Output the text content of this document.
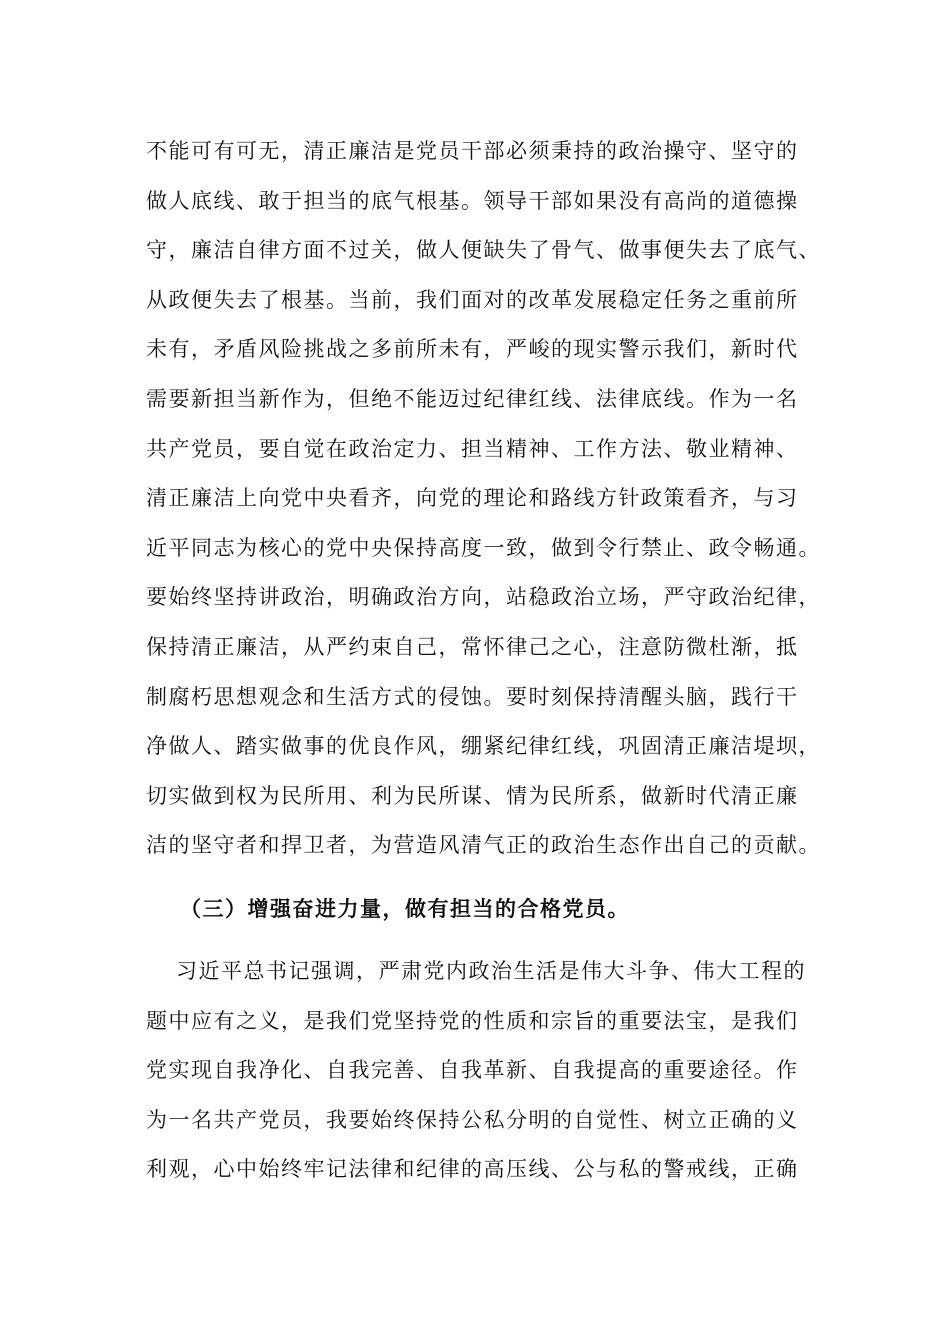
不能可有可无，清正廉洁是党员干部必须秉持的政治操守、坚守的
做人底线、敢于担当的底气根基。领导干部如果没有高尚的道德操
守，廉洁自律方面不过关，做人便缺失了骨气、做事便失去了底气、
从政便失去了根基。当前，我们面对的改革发展稳定任务之重前所
未有，矛盾风险挑战之多前所未有，严峻的现实警示我们，新时代
需要新担当新作为，但绝不能迈过纪律红线、法律底线。作为一名
共产党员，要自觉在政治定力、担当精神、工作方法、敬业精神、
清正廉洁上向党中央看齐，向党的理论和路线方针政策看齐，与习
近平同志为核心的党中央保持高度一致，做到令行禁止、政令畅通。
要始终坚持讲政治，明确政治方向，站稳政治立场，严守政治纪律，
保持清正廉洁，从严约束自己，常怀律己之心，注意防微杜渐，抵
制腐朽思想观念和生活方式的侵蚀。要时刻保持清醒头脑，践行干
净做人、踏实做事的优良作风，绷紧纪律红线，巩固清正廉洁堤坝，
切实做到权为民所用、利为民所谋、情为民所系，做新时代清正廉
洁的坚守者和捍卫者，为营造风清气正的政治生态作出自己的贡献。
（三）增强奋进力量，做有担当的合格党员。
习近平总书记强调，严肃党内政治生活是伟大斗争、伟大工程的
题中应有之义，是我们党坚持党的性质和宗旨的重要法宝，是我们
党实现自我净化、自我完善、自我革新、自我提高的重要途径。作
为一名共产党员，我要始终保持公私分明的自觉性、树立正确的义
利观，心中始终牢记法律和纪律的高压线、公与私的警戒线，正确
